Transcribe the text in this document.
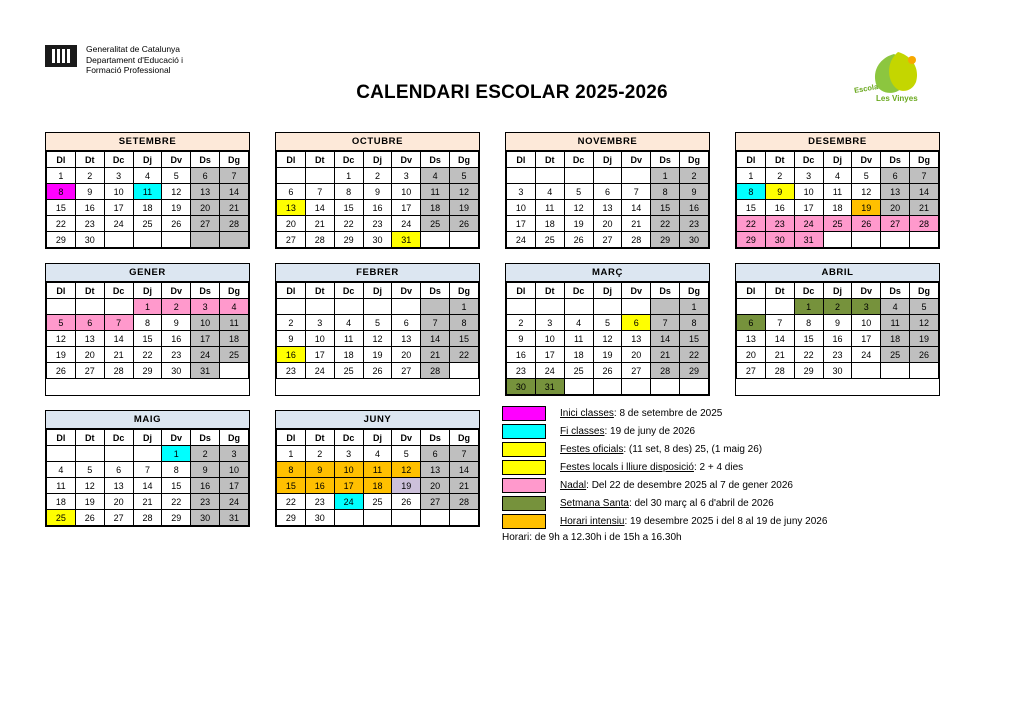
Generalitat de Catalunya
Departament d'Educació i
Formació Professional
CALENDARI ESCOLAR 2025-2026	Escola
Les Vinyes
SETEMBRE
Dl	Dt	Dc	Dj	Dv	Ds	Dg
1	2	3	4	5	6	7
8	9	10	11	12	13	14
15	16	17	18	19	20	21
22	23	24	25	26	27	28
29	30					
OCTUBRE
Dl	Dt	Dc	Dj	Dv	Ds	Dg
		1	2	3	4	5
6	7	8	9	10	11	12
13	14	15	16	17	18	19
20	21	22	23	24	25	26
27	28	29	30	31		
NOVEMBRE
Dl	Dt	Dc	Dj	Dv	Ds	Dg
					1	2
3	4	5	6	7	8	9
10	11	12	13	14	15	16
17	18	19	20	21	22	23
24	25	26	27	28	29	30
DESEMBRE
Dl	Dt	Dc	Dj	Dv	Ds	Dg
1	2	3	4	5	6	7
8	9	10	11	12	13	14
15	16	17	18	19	20	21
22	23	24	25	26	27	28
29	30	31				
GENER
Dl	Dt	Dc	Dj	Dv	Ds	Dg
			1	2	3	4
5	6	7	8	9	10	11
12	13	14	15	16	17	18
19	20	21	22	23	24	25
26	27	28	29	30	31	
FEBRER
Dl	Dt	Dc	Dj	Dv	Ds	Dg
						1
2	3	4	5	6	7	8
9	10	11	12	13	14	15
16	17	18	19	20	21	22
23	24	25	26	27	28	
MARÇ
Dl	Dt	Dc	Dj	Dv	Ds	Dg
						1
2	3	4	5	6	7	8
9	10	11	12	13	14	15
16	17	18	19	20	21	22
23	24	25	26	27	28	29
30	31					
ABRIL
Dl	Dt	Dc	Dj	Dv	Ds	Dg
		1	2	3	4	5
6	7	8	9	10	11	12
13	14	15	16	17	18	19
20	21	22	23	24	25	26
27	28	29	30			
MAIG
Dl	Dt	Dc	Dj	Dv	Ds	Dg
				1	2	3
4	5	6	7	8	9	10
11	12	13	14	15	16	17
18	19	20	21	22	23	24
25	26	27	28	29	30	31
JUNY
Dl	Dt	Dc	Dj	Dv	Ds	Dg
1	2	3	4	5	6	7
8	9	10	11	12	13	14
15	16	17	18	19	20	21
22	23	24	25	26	27	28
29	30					
Inici classes: 8 de setembre de 2025
Fi classes: 19 de juny de 2026
Festes oficials: (11 set, 8 des) 25, (1 maig 26)
Festes locals i lliure disposició: 2 + 4 dies
Nadal: Del 22 de desembre 2025 al 7 de gener 2026
Setmana Santa: del 30 març al 6 d'abril de 2026
Horari intensiu: 19 desembre 2025 i del 8 al 19 de juny 2026
Horari: de 9h a 12.30h i de 15h a 16.30h
